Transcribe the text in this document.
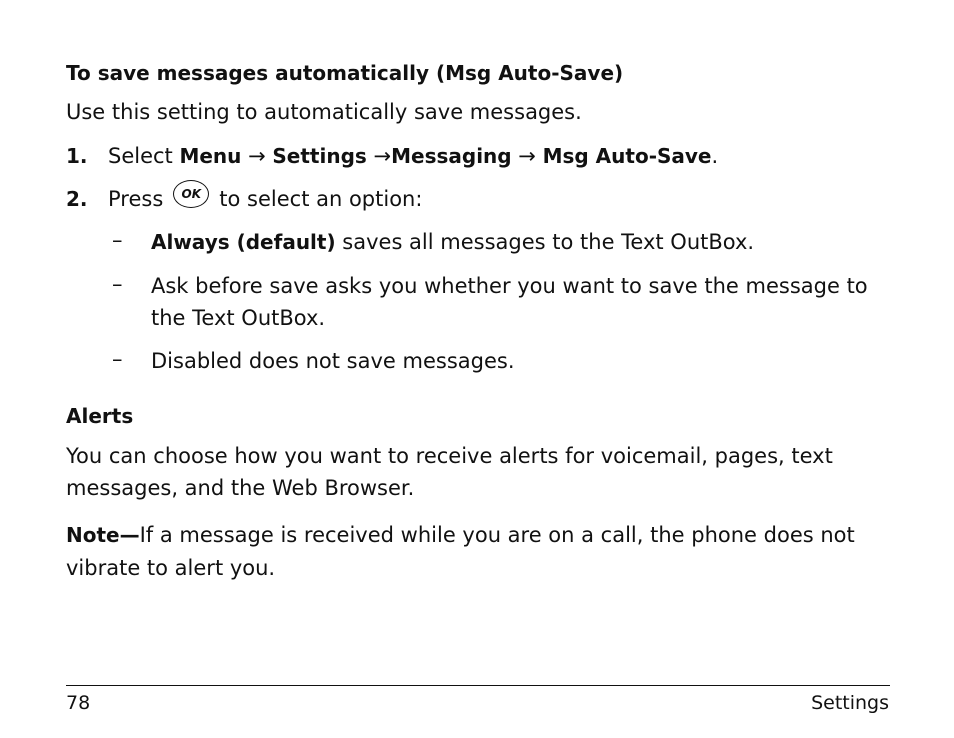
To save messages automatically (Msg Auto-Save)
Use this setting to automatically save messages.
1. Select Menu → Settings →Messaging → Msg Auto-Save.
2. Press OK to select an option:
– Always (default) saves all messages to the Text OutBox.
– Ask before save asks you whether you want to save the message to
the Text OutBox.
– Disabled does not save messages.
Alerts
You can choose how you want to receive alerts for voicemail, pages, text
messages, and the Web Browser.
Note—If a message is received while you are on a call, the phone does not
vibrate to alert you.
78	Settings
